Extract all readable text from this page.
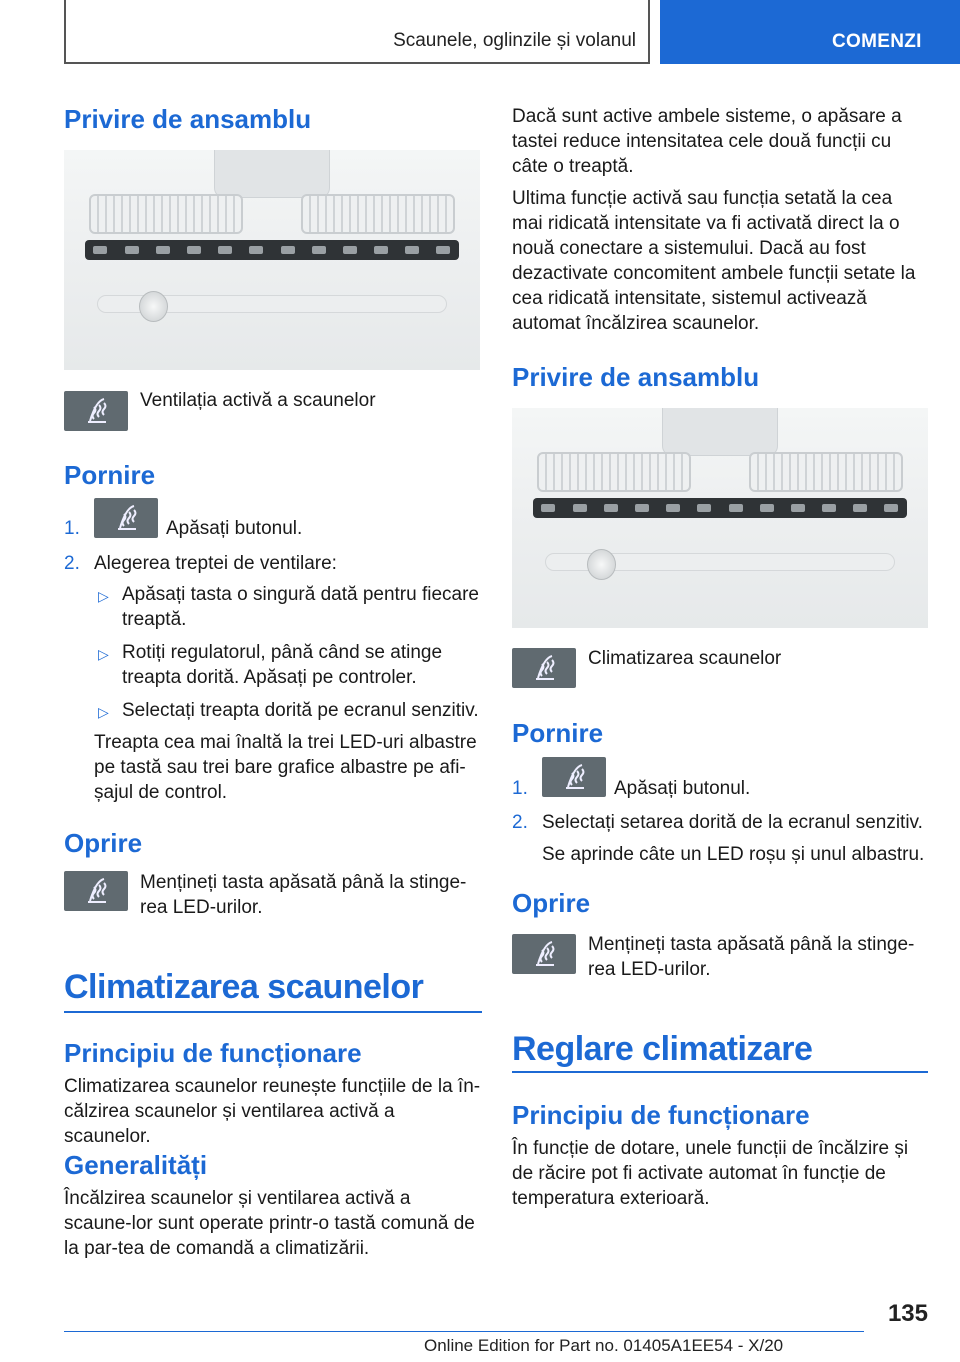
Scaunele, oglinzile și volanul	COMENZI
Privire de ansamblu
Ventilația activă a scaunelor
Pornire
1.	Apăsați butonul.
2. Alegerea treptei de ventilare:
▷ Apăsați tasta o singură dată pentru fiecare treaptă.
▷ Rotiți regulatorul, până când se atinge treapta dorită. Apăsați pe controler.
▷ Selectați treapta dorită pe ecranul senzitiv.
Treapta cea mai înaltă la trei LED-uri albastre pe tastă sau trei bare grafice albastre pe afi-șajul de control.
Oprire
Mențineți tasta apăsată până la stinge-rea LED-urilor.
Climatizarea scaunelor
Principiu de funcționare
Climatizarea scaunelor reunește funcțiile de la în-călzirea scaunelor și ventilarea activă a scaunelor.
Generalități
Încălzirea scaunelor și ventilarea activă a scaune-lor sunt operate printr-o tastă comună de la par-tea de comandă a climatizării.
Dacă sunt active ambele sisteme, o apăsare a tastei reduce intensitatea cele două funcții cu câte o treaptă.
Ultima funcție activă sau funcția setată la cea mai ridicată intensitate va fi activată direct la o nouă conectare a sistemului. Dacă au fost dezactivate concomitent ambele funcții setate la cea ridicată intensitate, sistemul activează automat încălzirea scaunelor.
Privire de ansamblu
Climatizarea scaunelor
Pornire
1.	Apăsați butonul.
2. Selectați setarea dorită de la ecranul senzitiv.
Se aprinde câte un LED roșu și unul albastru.
Oprire
Mențineți tasta apăsată până la stinge-rea LED-urilor.
Reglare climatizare
Principiu de funcționare
În funcție de dotare, unele funcții de încălzire și de răcire pot fi activate automat în funcție de temperatura exterioară.
135
Online Edition for Part no. 01405A1EE54 - X/20
